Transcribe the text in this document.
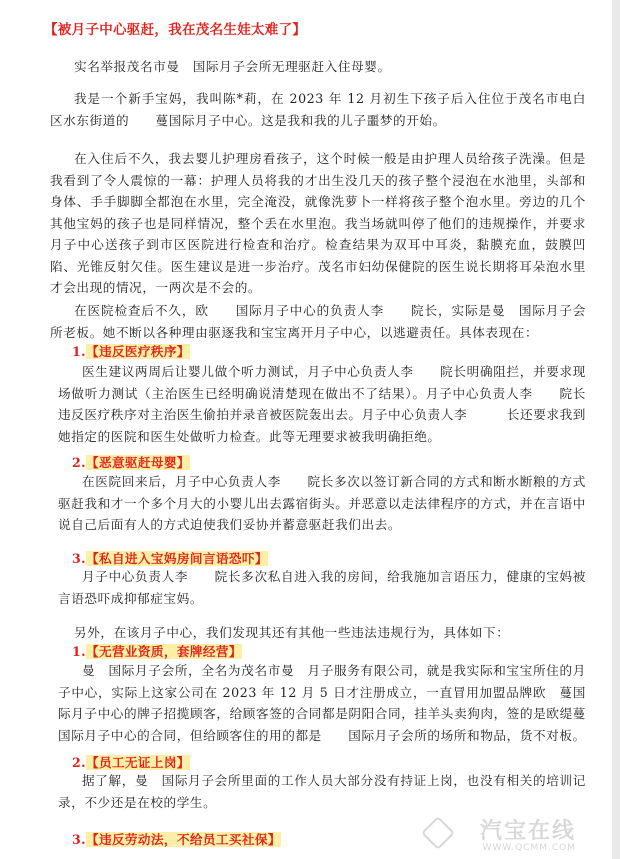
【被月子中心驱赶，我在茂名生娃太难了】

实名举报茂名市曼　国际月子会所无理驱赶入住母婴。

我是一个新手宝妈，我叫陈*莉，在 2023 年 12 月初生下孩子后入住位于茂名市电白区水东街道的　　蔓国际月子中心。这是我和我的儿子噩梦的开始。

在入住后不久，我去婴儿护理房看孩子，这个时候一般是由护理人员给孩子洗澡。但是我看到了令人震惊的一幕：护理人员将我的才出生没几天的孩子整个浸泡在水池里，头部和身体、手手脚脚全都泡在水里，完全淹没，就像洗萝卜一样将孩子整个泡水里。旁边的几个其他宝妈的孩子也是同样情况，整个丢在水里泡。我当场就叫停了他们的违规操作，并要求月子中心送孩子到市区医院进行检查和治疗。检查结果为双耳中耳炎，黏膜充血，鼓膜凹陷、光锥反射欠佳。医生建议是进一步治疗。茂名市妇幼保健院的医生说长期将耳朵泡水里才会出现的情况，一两次是不会的。

在医院检查后不久，欧　　国际月子中心的负责人李　　院长，实际是曼　国际月子会所老板。她不断以各种理由驱逐我和宝宝离开月子中心，以逃避责任。具体表现在：

1.【违反医疗秩序】

医生建议两周后让婴儿做个听力测试，月子中心负责人李　　院长明确阻拦，并要求现场做听力测试（主治医生已经明确说清楚现在做出不了结果）。月子中心负责人李　　院长违反医疗秩序对主治医生偷拍并录音被医院轰出去。月子中心负责人李　　　长还要求我到她指定的医院和医生处做听力检查。此等无理要求被我明确拒绝。

2.【恶意驱赶母婴】

在医院回来后，月子中心负责人李　　院长多次以签订新合同的方式和断水断粮的方式驱赶我和才一个多个月大的小婴儿出去露宿街头。并恶意以走法律程序的方式，并在言语中说自己后面有人的方式迫使我们妥协并蓄意驱赶我们出去。

3.【私自进入宝妈房间言语恐吓】

月子中心负责人李　　院长多次私自进入我的房间，给我施加言语压力，健康的宝妈被言语恐吓成抑郁症宝妈。

另外，在该月子中心，我们发现其还有其他一些违法违规行为，具体如下：

1.【无营业资质，套牌经营】

曼　国际月子会所，全名为茂名市曼　月子服务有限公司，就是我实际和宝宝所住的月子中心，实际上这家公司在 2023 年 12 月 5 日才注册成立，一直冒用加盟品牌欧　蔓国际月子中心的牌子招揽顾客，给顾客签的合同都是阴阳合同，挂羊头卖狗肉，签的是欧缇蔓国际月子中心的合同，但给顾客住的用的都是　　国际月子会所的场所和物品，货不对板。

2.【员工无证上岗】

据了解，曼　国际月子会所里面的工作人员大部分没有持证上岗，也没有相关的培训记录，不少还是在校的学生。

3.【违反劳动法，不给员工买社保】	汽宝在线
WWW.QCMM.COM
